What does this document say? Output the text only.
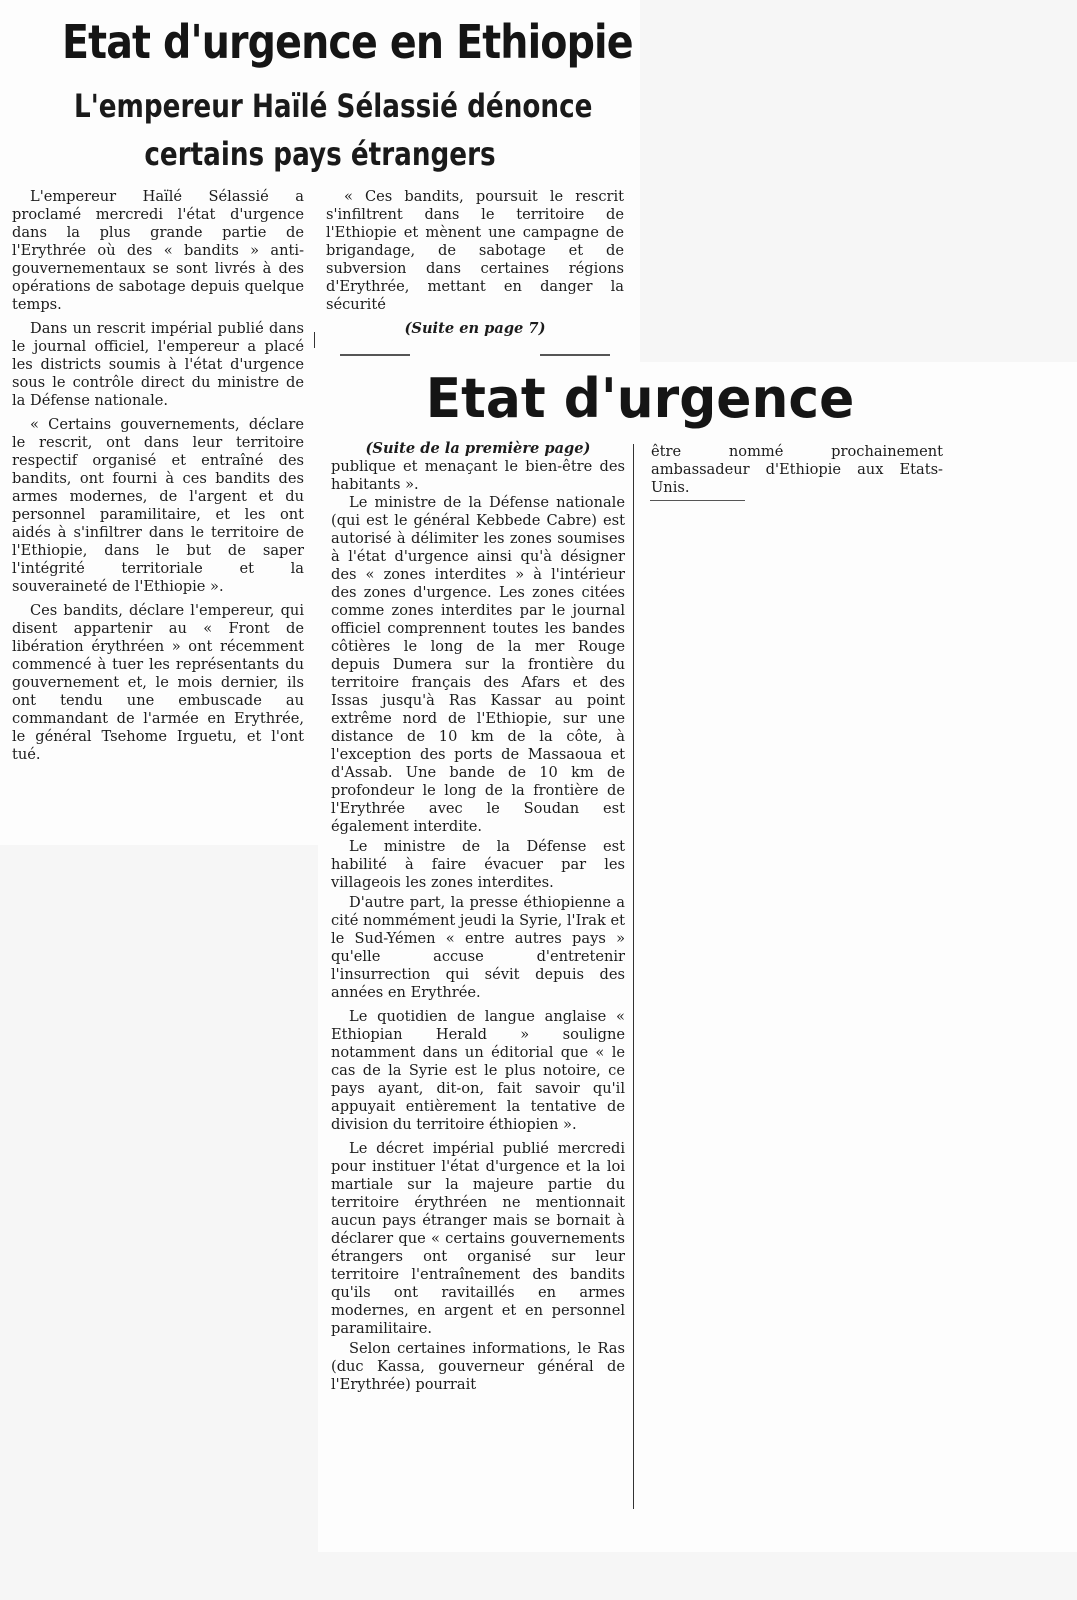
Etat d'urgence en Ethiopie
L'empereur Haïlé Sélassié dénonce
certains pays étrangers

L'empereur Haïlé Sélassié a proclamé mercredi l'état d'urgence dans la plus grande partie de l'Erythrée où des « bandits » anti-gouvernementaux se sont livrés à des opérations de sabotage depuis quelque temps.

Dans un rescrit impérial publié dans le journal officiel, l'empereur a placé les districts soumis à l'état d'urgence sous le contrôle direct du ministre de la Défense nationale.

« Certains gouvernements, déclare le rescrit, ont dans leur territoire respectif organisé et entraîné des bandits, ont fourni à ces bandits des armes modernes, de l'argent et du personnel paramilitaire, et les ont aidés à s'infiltrer dans le territoire de l'Ethiopie, dans le but de saper l'intégrité territoriale et la souveraineté de l'Ethiopie ».

Ces bandits, déclare l'empereur, qui disent appartenir au « Front de libération érythréen » ont récemment commencé à tuer les représentants du gouvernement et, le mois dernier, ils ont tendu une embuscade au commandant de l'armée en Erythrée, le général Tsehome Irguetu, et l'ont tué.

« Ces bandits, poursuit le rescrit s'infiltrent dans le territoire de l'Ethiopie et mènent une campagne de brigandage, de sabotage et de subversion dans certaines régions d'Erythrée, mettant en danger la sécurité

(Suite en page 7)

Etat d'urgence

(Suite de la première page)

publique et menaçant le bien-être des habitants ».

Le ministre de la Défense nationale (qui est le général Kebbede Cabre) est autorisé à délimiter les zones soumises à l'état d'urgence ainsi qu'à désigner des « zones interdites » à l'intérieur des zones d'urgence. Les zones citées comme zones interdites par le journal officiel comprennent toutes les bandes côtières le long de la mer Rouge depuis Dumera sur la frontière du territoire français des Afars et des Issas jusqu'à Ras Kassar au point extrême nord de l'Ethiopie, sur une distance de 10 km de la côte, à l'exception des ports de Massaoua et d'Assab. Une bande de 10 km de profondeur le long de la frontière de l'Erythrée avec le Soudan est également interdite.

Le ministre de la Défense est habilité à faire évacuer par les villageois les zones interdites.

D'autre part, la presse éthiopienne a cité nommément jeudi la Syrie, l'Irak et le Sud-Yémen « entre autres pays » qu'elle accuse d'entretenir l'insurrection qui sévit depuis des années en Erythrée.

Le quotidien de langue anglaise « Ethiopian Herald » souligne notamment dans un éditorial que « le cas de la Syrie est le plus notoire, ce pays ayant, dit-on, fait savoir qu'il appuyait entièrement la tentative de division du territoire éthiopien ».

Le décret impérial publié mercredi pour instituer l'état d'urgence et la loi martiale sur la majeure partie du territoire érythréen ne mentionnait aucun pays étranger mais se bornait à déclarer que « certains gouvernements étrangers ont organisé sur leur territoire l'entraînement des bandits qu'ils ont ravitaillés en armes modernes, en argent et en personnel paramilitaire.

Selon certaines informations, le Ras (duc Kassa, gouverneur général de l'Erythrée) pourrait

être nommé prochainement ambassadeur d'Ethiopie aux Etats-Unis.
